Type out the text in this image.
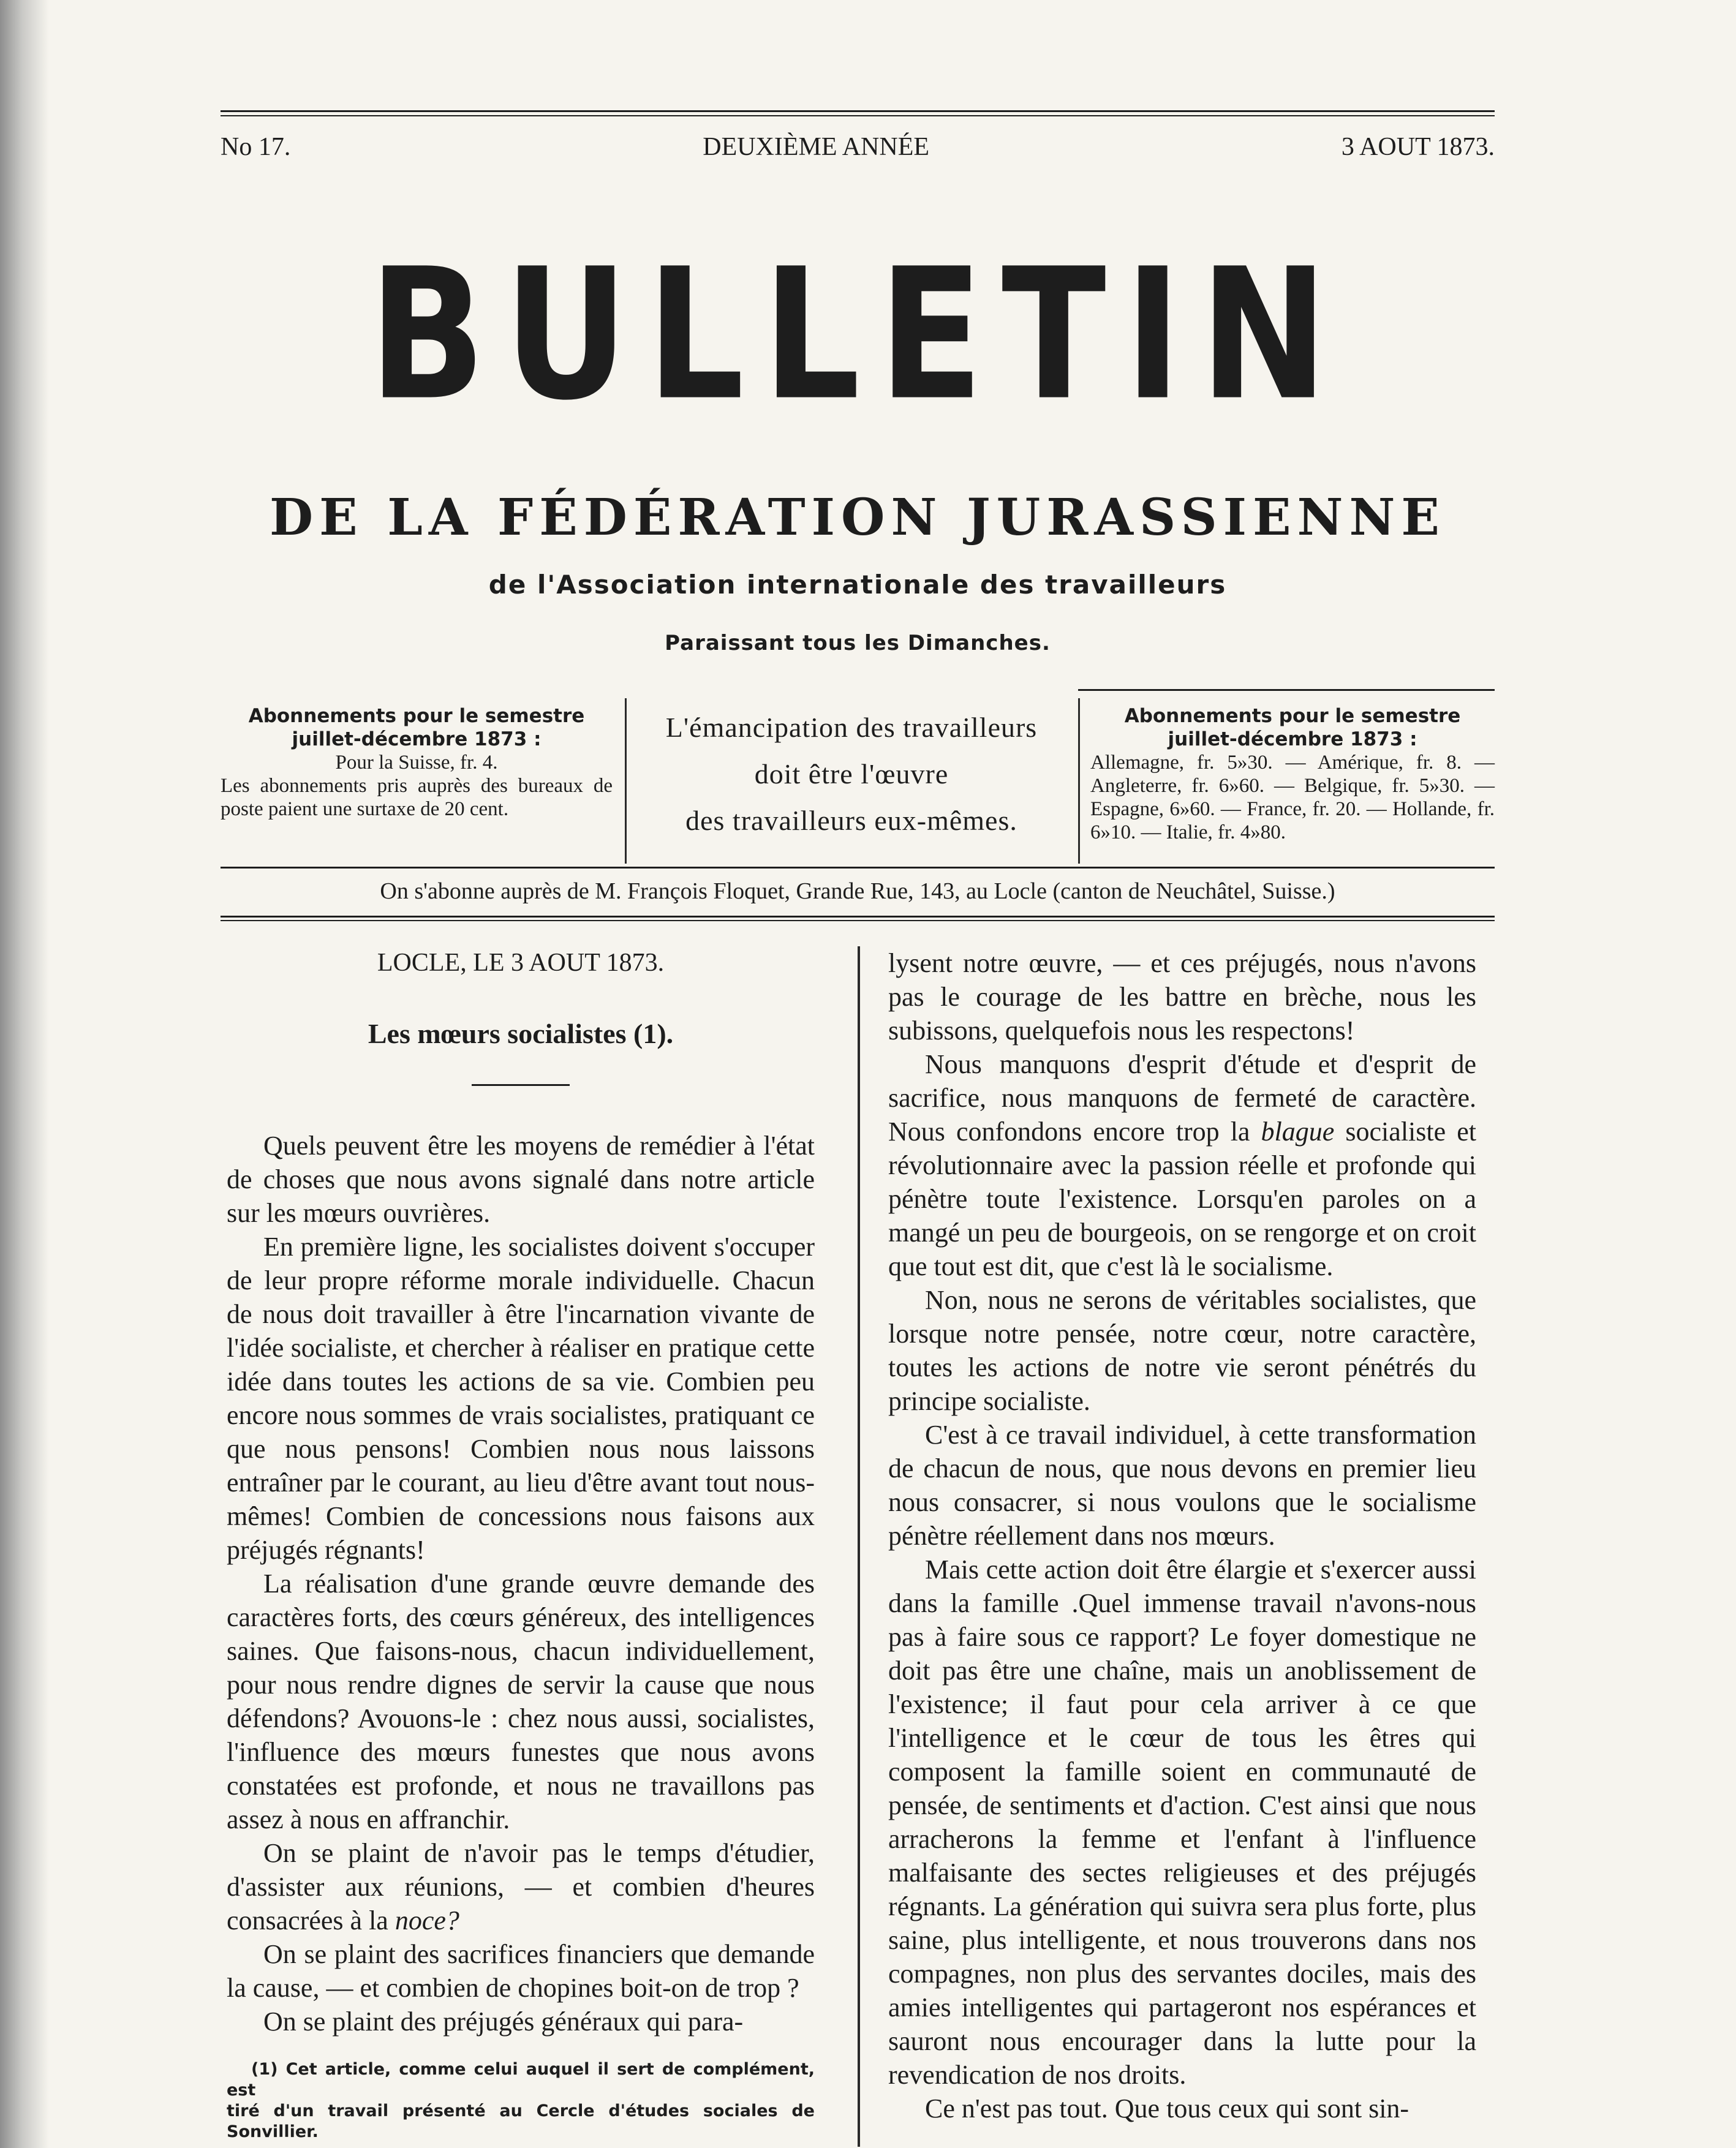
No 17.	DEUXIÈME ANNÉE	3 AOUT 1873.
BULLETIN
DE LA FÉDÉRATION JURASSIENNE
de l'Association internationale des travailleurs
Paraissant tous les Dimanches.
Abonnements pour le semestre
juillet-décembre 1873 :
Pour la Suisse, fr. 4.
Les abonnements pris auprès des bureaux de poste paient une surtaxe de 20 cent.
L'émancipation des travailleurs
doit être l'œuvre
des travailleurs eux-mêmes.
Abonnements pour le semestre
juillet-décembre 1873 :
Allemagne, fr. 5»30. — Amérique, fr. 8. — Angleterre, fr. 6»60. — Belgique, fr. 5»30. — Espagne, 6»60. — France, fr. 20. — Hollande, fr. 6»10. — Italie, fr. 4»80.
On s'abonne auprès de M. François Floquet, Grande Rue, 143, au Locle (canton de Neuchâtel, Suisse.)

LOCLE, LE 3 AOUT 1873.

Les mœurs socialistes (1).

Quels peuvent être les moyens de remédier à l'état de choses que nous avons signalé dans notre article sur les mœurs ouvrières.

En première ligne, les socialistes doivent s'occuper de leur propre réforme morale individuelle. Chacun de nous doit travailler à être l'incarnation vivante de l'idée socialiste, et chercher à réaliser en pratique cette idée dans toutes les actions de sa vie. Combien peu encore nous sommes de vrais socialistes, pratiquant ce que nous pensons! Combien nous nous laissons entraîner par le courant, au lieu d'être avant tout nous-mêmes! Combien de concessions nous faisons aux préjugés régnants!

La réalisation d'une grande œuvre demande des caractères forts, des cœurs généreux, des intelligences saines. Que faisons-nous, chacun individuellement, pour nous rendre dignes de servir la cause que nous défendons? Avouons-le : chez nous aussi, socialistes, l'influence des mœurs funestes que nous avons constatées est profonde, et nous ne travaillons pas assez à nous en affranchir.

On se plaint de n'avoir pas le temps d'étudier, d'assister aux réunions, — et combien d'heures consacrées à la noce?

On se plaint des sacrifices financiers que demande la cause, — et combien de chopines boit-on de trop ?

On se plaint des préjugés généraux qui para-

(1) Cet article, comme celui auquel il sert de complément, est
tiré d'un travail présenté au Cercle d'études sociales de Sonvillier.

lysent notre œuvre, — et ces préjugés, nous n'avons pas le courage de les battre en brèche, nous les subissons, quelquefois nous les respectons!

Nous manquons d'esprit d'étude et d'esprit de sacrifice, nous manquons de fermeté de caractère. Nous confondons encore trop la blague socialiste et révolutionnaire avec la passion réelle et profonde qui pénètre toute l'existence. Lorsqu'en paroles on a mangé un peu de bourgeois, on se rengorge et on croit que tout est dit, que c'est là le socialisme.

Non, nous ne serons de véritables socialistes, que lorsque notre pensée, notre cœur, notre caractère, toutes les actions de notre vie seront pénétrés du principe socialiste.

C'est à ce travail individuel, à cette transformation de chacun de nous, que nous devons en premier lieu nous consacrer, si nous voulons que le socialisme pénètre réellement dans nos mœurs.

Mais cette action doit être élargie et s'exercer aussi dans la famille .Quel immense travail n'avons-nous pas à faire sous ce rapport? Le foyer domestique ne doit pas être une chaîne, mais un anoblissement de l'existence; il faut pour cela arriver à ce que l'intelligence et le cœur de tous les êtres qui composent la famille soient en communauté de pensée, de sentiments et d'action. C'est ainsi que nous arracherons la femme et l'enfant à l'influence malfaisante des sectes religieuses et des préjugés régnants. La génération qui suivra sera plus forte, plus saine, plus intelligente, et nous trouverons dans nos compagnes, non plus des servantes dociles, mais des amies intelligentes qui partageront nos espérances et sauront nous encourager dans la lutte pour la revendication de nos droits.

Ce n'est pas tout. Que tous ceux qui sont sin-
